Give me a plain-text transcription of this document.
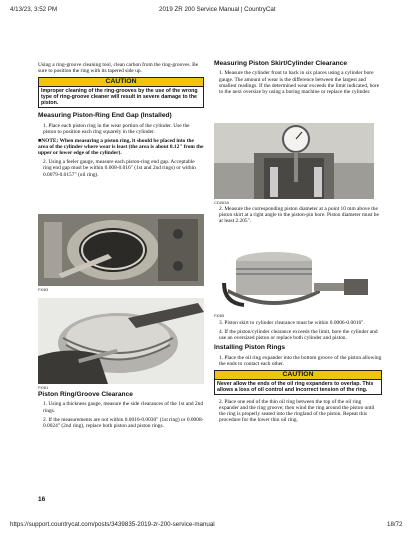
4/13/23, 3:52 PM	2019 ZR 200 Service Manual | CountryCat

Using a ring-groove cleaning tool, clean carbon from the ring-grooves. Be sure to position the ring with its tapered side up.

CAUTION
Improper cleaning of the ring-grooves by the use of the wrong type of ring-groove cleaner will result in severe damage to the piston.
Measuring Piston-Ring End Gap (Installed)
1. Place each piston ring in the wear portion of the cylinder. Use the piston to position each ring squarely in the cylinder.

■NOTE: When measuring a piston ring, it should be placed into the area of the cylinder where wear is least (the area is about 0.12" from the upper or lower edge of the cylinder).

2. Using a feeler gauge, measure each piston-ring end gap. Acceptable ring end gap must be within 0.008-0.016" (1st and 2nd rings) or within 0.0079-0.0157" (oil ring).
FI083
FI081
Piston Ring/Groove Clearance
1. Using a thickness gauge, measure the side clearances of the 1st and 2nd rings.
2. If the measurements are not within 0.0016-0.0030" (1st ring) or 0.0008-0.0024" (2nd ring), replace both piston and piston rings.
16
Measuring Piston Skirt/Cylinder Clearance
1. Measure the cylinder front to back in six places using a cylinder bore gauge. The amount of wear is the difference between the largest and smallest readings. If the determined wear exceeds the limit indicated, bore to the next oversize by using a boring machine or replace the cylinder.
CD063A
2. Measure the corresponding piston diameter at a point 10 mm above the piston skirt at a right angle to the piston-pin bore. Piston diameter must be at least 2.205".
FI085
3. Piston skirt to cylinder clearance must be within 0.0006-0.0016".
4. If the piston/cylinder clearance exceeds the limit, bore the cylinder and use an oversized piston or replace both cylinder and piston.
Installing Piston Rings
1. Place the oil ring expander into the bottom groove of the piston allowing the ends to contact each other.
CAUTION
Never allow the ends of the oil ring expanders to overlap. This allows a loss of oil control and incorrect tension of the ring.
2. Place one end of the thin oil ring between the top of the oil ring expander and the ring groove; then wind the ring around the piston until the ring is properly seated into the ringland of the piston. Repeat this procedure for the lower thin oil ring.
https://support.countrycat.com/posts/3439835-2019-zr-200-service-manual	18/72
